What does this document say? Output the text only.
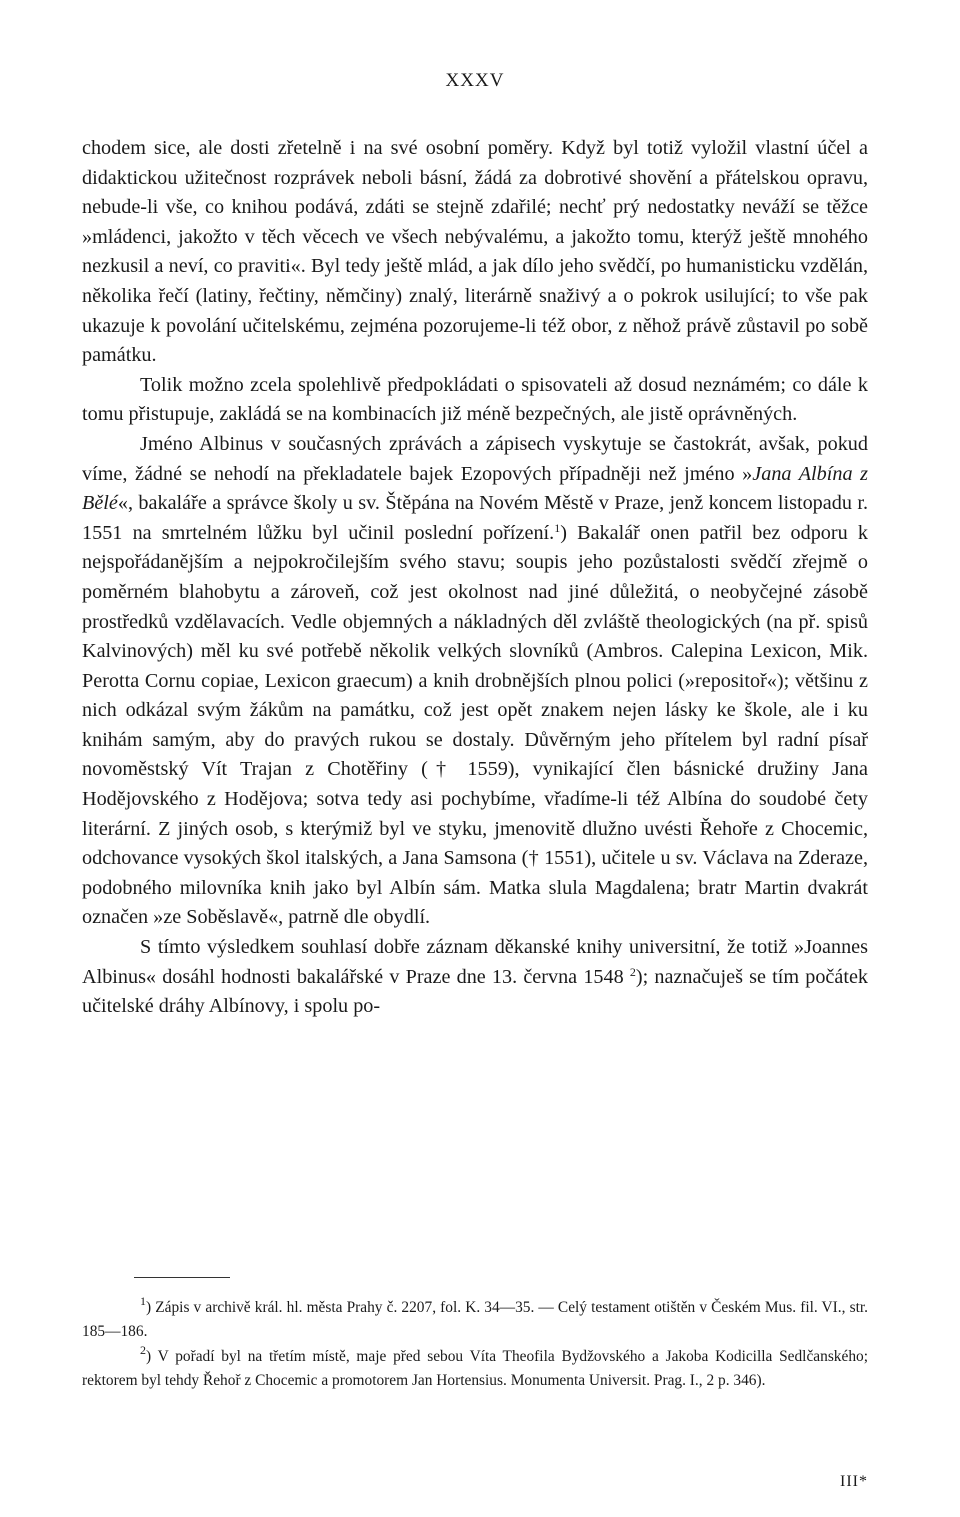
XXXV

chodem sice, ale dosti zřetelně i na své osobní poměry. Když byl totiž vyložil vlastní účel a didaktickou užitečnost rozprávek neboli básní, žádá za dobrotivé shovění a přátelskou opravu, nebude-li vše, co knihou podává, zdáti se stejně zdařilé; nechť prý nedostatky neváží se těžce »mládenci, jakožto v těch věcech ve všech nebývalému, a jakožto tomu, kterýž ještě mnohého nezkusil a neví, co praviti«. Byl tedy ještě mlád, a jak dílo jeho svědčí, po humanisticku vzdělán, několika řečí (latiny, řečtiny, němčiny) znalý, literárně snaživý a o pokrok usilující; to vše pak ukazuje k povolání učitelskému, zejména pozorujeme-li též obor, z něhož právě zůstavil po sobě památku.

Tolik možno zcela spolehlivě předpokládati o spisovateli až dosud neznámém; co dále k tomu přistupuje, zakládá se na kombinacích již méně bezpečných, ale jistě oprávněných.

Jméno Albinus v současných zprávách a zápisech vyskytuje se častokrát, avšak, pokud víme, žádné se nehodí na překladatele bajek Ezopových případněji než jméno »Jana Albína z Bělé«, bakaláře a správce školy u sv. Štěpána na Novém Městě v Praze, jenž koncem listopadu r. 1551 na smrtelném lůžku byl učinil poslední pořízení.$^1$) Bakalář onen patřil bez odporu k nejspořádanějším a nejpokročilejším svého stavu; soupis jeho pozůstalosti svědčí zřejmě o poměrném blahobytu a zároveň, což jest okolnost nad jiné důležitá, o neobyčejné zásobě prostředků vzdělavacích. Vedle objemných a nákladných děl zvláště theologických (na př. spisů Kalvinových) měl ku své potřebě několik velkých slovníků (Ambros. Calepina Lexicon, Mik. Perotta Cornu copiae, Lexicon graecum) a knih drobnějších plnou polici (»repositoř«); většinu z nich odkázal svým žákům na památku, což jest opět znakem nejen lásky ke škole, ale i ku knihám samým, aby do pravých rukou se dostaly. Důvěrným jeho přítelem byl radní písař novoměstský Vít Trajan z Chotěřiny († 1559), vynikající člen básnické družiny Jana Hodějovského z Hodějova; sotva tedy asi pochybíme, vřadíme-li též Albína do soudobé čety literární. Z jiných osob, s kterýmiž byl ve styku, jmenovitě dlužno uvésti Řehoře z Chocemic, odchovance vysokých škol italských, a Jana Samsona († 1551), učitele u sv. Václava na Zderaze, podobného milovníka knih jako byl Albín sám. Matka slula Magdalena; bratr Martin dvakrát označen »ze Soběslavě«, patrně dle obydlí.

S tímto výsledkem souhlasí dobře záznam děkanské knihy universitní, že totiž »Joannes Albinus« dosáhl hodnosti bakalářské v Praze dne 13. června 1548 $^2$); naznačuješ se tím počátek učitelské dráhy Albínovy, i spolu po-

$^1$) Zápis v archivě král. hl. města Prahy č. 2207, fol. K. 34—35. — Celý testament otištěn v Českém Mus. fil. VI., str. 185—186.

$^2$) V pořadí byl na třetím místě, maje před sebou Víta Theofila Bydžovského a Jakoba Kodicilla Sedlčanského; rektorem byl tehdy Řehoř z Chocemic a promotorem Jan Hortensius. Monumenta Universit. Prag. I., 2 p. 346).

III*
